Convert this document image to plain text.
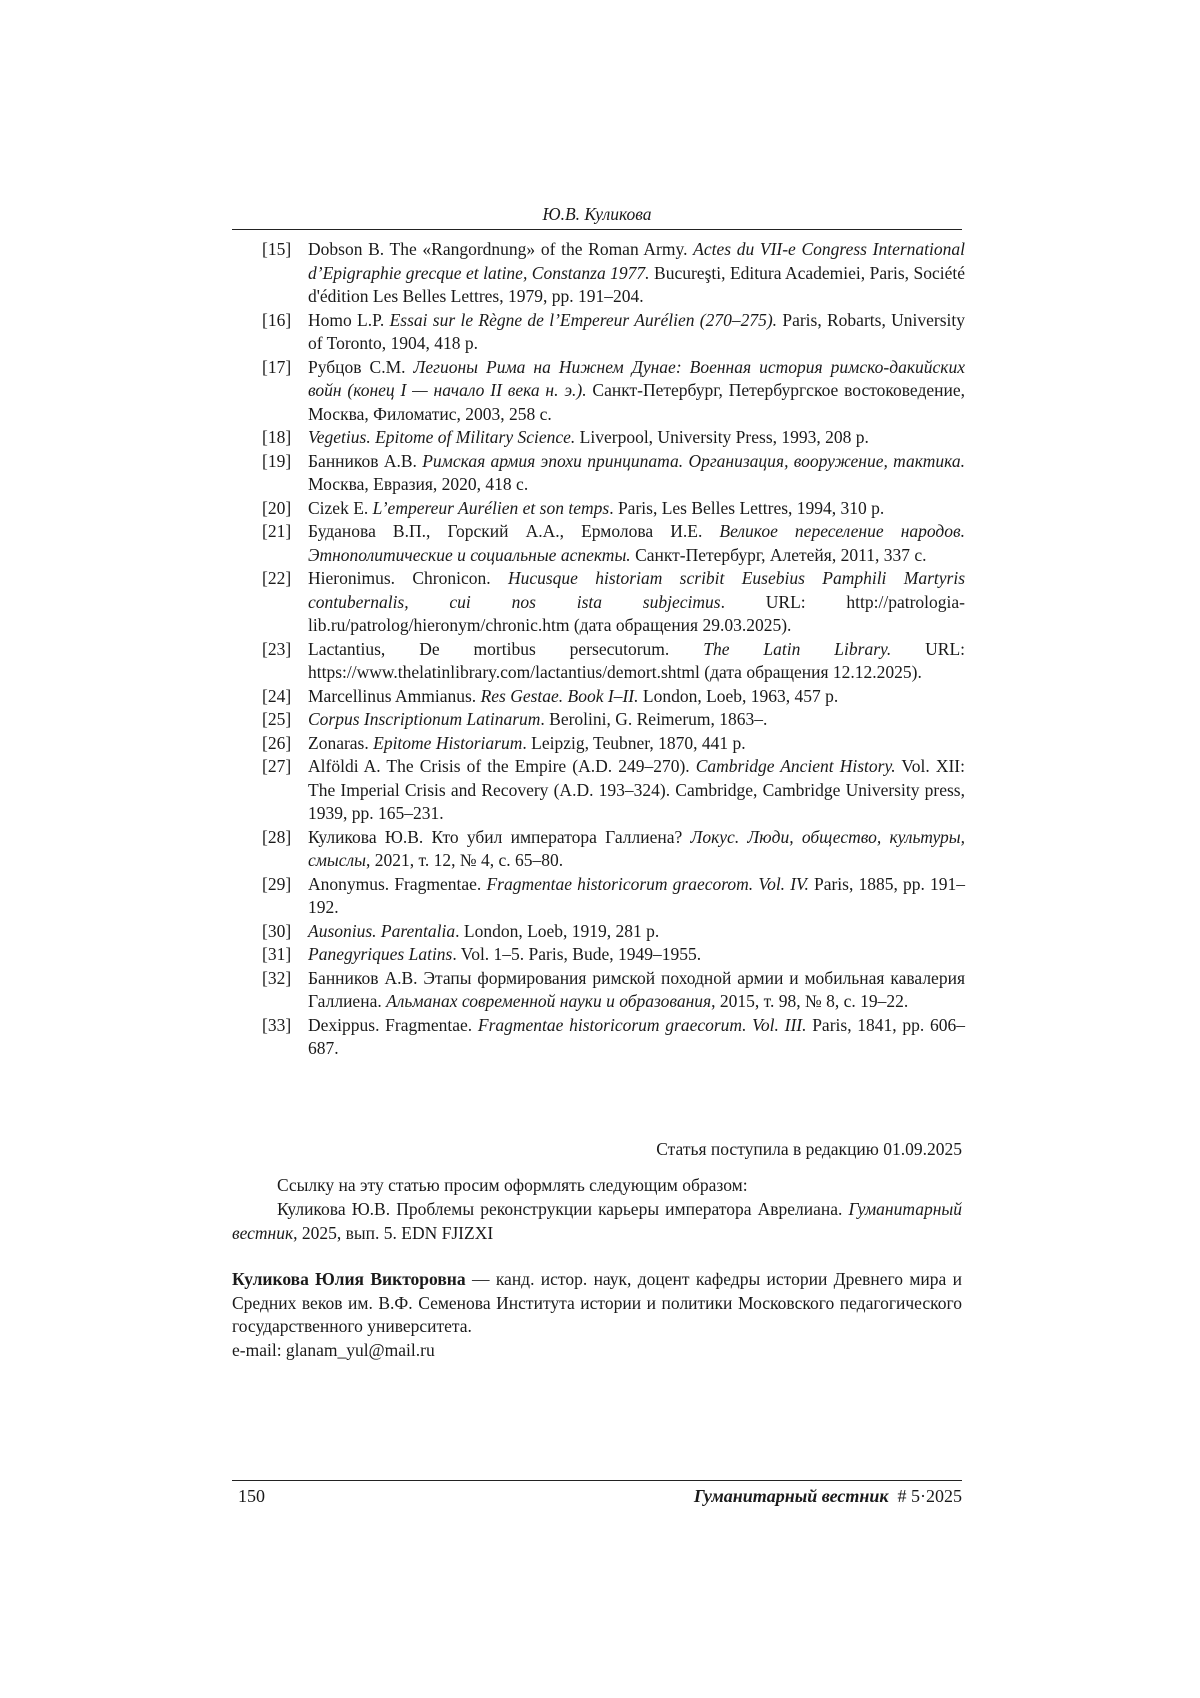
Ю.В. Куликова
[15] Dobson B. The «Rangordnung» of the Roman Army. Actes du VII-e Congress International d’Epigraphie grecque et latine, Constanza 1977. Bucureşti, Editura Academiei, Paris, Société d'édition Les Belles Lettres, 1979, pp. 191–204.
[16] Homo L.P. Essai sur le Règne de l’Empereur Aurélien (270–275). Paris, Robarts, University of Toronto, 1904, 418 p.
[17] Рубцов С.М. Легионы Рима на Нижнем Дунае: Военная история римско-дакийских войн (конец I — начало II века н. э.). Санкт-Петербург, Петербургское востоковедение, Москва, Филоматис, 2003, 258 с.
[18] Vegetius. Epitome of Military Science. Liverpool, University Press, 1993, 208 p.
[19] Банников А.В. Римская армия эпохи принципата. Организация, вооружение, тактика. Москва, Евразия, 2020, 418 с.
[20] Cizek E. L’empereur Aurélien et son temps. Paris, Les Belles Lettres, 1994, 310 p.
[21] Буданова В.П., Горский А.А., Ермолова И.Е. Великое переселение народов. Этнополитические и социальные аспекты. Санкт-Петербург, Алетейя, 2011, 337 с.
[22] Hieronimus. Chronicon. Hucusque historiam scribit Eusebius Pamphili Martyris contubernalis, cui nos ista subjecimus. URL: http://patrologia-lib.ru/patrolog/hieronym/chronic.htm (дата обращения 29.03.2025).
[23] Lactantius, De mortibus persecutorum. The Latin Library. URL: https://www.thelatinlibrary.com/lactantius/demort.shtml (дата обращения 12.12.2025).
[24] Marcellinus Ammianus. Res Gestae. Book I–II. London, Loeb, 1963, 457 p.
[25] Corpus Inscriptionum Latinarum. Berolini, G. Reimerum, 1863–.
[26] Zonaras. Epitome Historiarum. Leipzig, Teubner, 1870, 441 p.
[27] Alföldi A. The Crisis of the Empire (A.D. 249–270). Cambridge Ancient History. Vol. XII: The Imperial Crisis and Recovery (A.D. 193–324). Cambridge, Cambridge University press, 1939, pp. 165–231.
[28] Куликова Ю.В. Кто убил императора Галлиена? Локус. Люди, общество, культуры, смыслы, 2021, т. 12, № 4, с. 65–80.
[29] Anonymus. Fragmentae. Fragmentae historicorum graecorom. Vol. IV. Paris, 1885, pp. 191–192.
[30] Ausonius. Parentalia. London, Loeb, 1919, 281 p.
[31] Panegyriques Latins. Vol. 1–5. Paris, Bude, 1949–1955.
[32] Банников А.В. Этапы формирования римской походной армии и мобильная кавалерия Галлиена. Альманах современной науки и образования, 2015, т. 98, № 8, с. 19–22.
[33] Dexippus. Fragmentae. Fragmentae historicorum graecorum. Vol. III. Paris, 1841, pp. 606–687.
Статья поступила в редакцию 01.09.2025
Ссылку на эту статью просим оформлять следующим образом:
Куликова Ю.В. Проблемы реконструкции карьеры императора Аврелиана. Гуманитарный вестник, 2025, вып. 5. EDN FJIZXI
Куликова Юлия Викторовна — канд. истор. наук, доцент кафедры истории Древнего мира и Средних веков им. В.Ф. Семенова Института истории и политики Московского педагогического государственного университета.
e-mail: glanam_yul@mail.ru
150	Гуманитарный вестник # 5·2025
